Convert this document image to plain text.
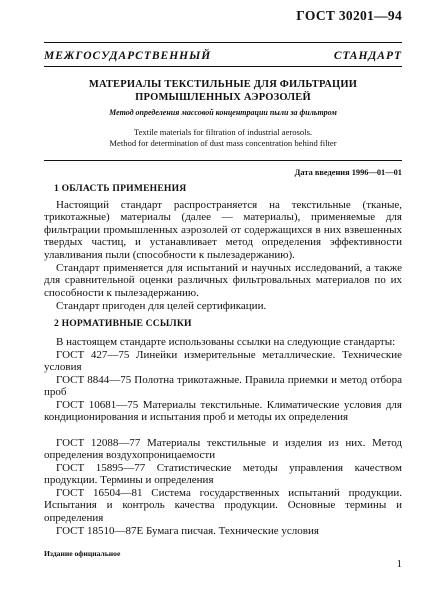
ГОСТ 30201—94
МЕЖГОСУДАРСТВЕННЫЙ СТАНДАРТ
МАТЕРИАЛЫ ТЕКСТИЛЬНЫЕ ДЛЯ ФИЛЬТРАЦИИ
ПРОМЫШЛЕННЫХ АЭРОЗОЛЕЙ
Метод определения массовой концентрации пыли за фильтром
Textile materials for filtration of industrial aerosols.
Method for determination of dust mass concentration behind filter
Дата введения 1996—01—01
1 ОБЛАСТЬ ПРИМЕНЕНИЯ

Настоящий стандарт распространяется на текстильные (тканые, трикотажные) материалы (далее — материалы), применяемые для фильтрации промышленных аэрозолей от содержащихся в них взвешенных твердых частиц, и устанавливает метод определения эффективности улавливания пыли (способности к пылезадержанию).

Стандарт применяется для испытаний и научных исследований, а также для сравнительной оценки различных фильтровальных материалов по их способности к пылезадержанию.

Стандарт пригоден для целей сертификации.

2 НОРМАТИВНЫЕ ССЫЛКИ

В настоящем стандарте использованы ссылки на следующие стандарты:

ГОСТ 427—75 Линейки измерительные металлические. Технические условия

ГОСТ 8844—75 Полотна трикотажные. Правила приемки и метод отбора проб

ГОСТ 10681—75 Материалы текстильные. Климатические условия для кондиционирования и испытания проб и методы их определения

ГОСТ 12088—77 Материалы текстильные и изделия из них. Метод определения воздухопроницаемости

ГОСТ 15895—77 Статистические методы управления качеством продукции. Термины и определения

ГОСТ 16504—81 Система государственных испытаний продукции. Испытания и контроль качества продукции. Основные термины и определения

ГОСТ 18510—87Е Бумага писчая. Технические условия

Издание официальное
1
